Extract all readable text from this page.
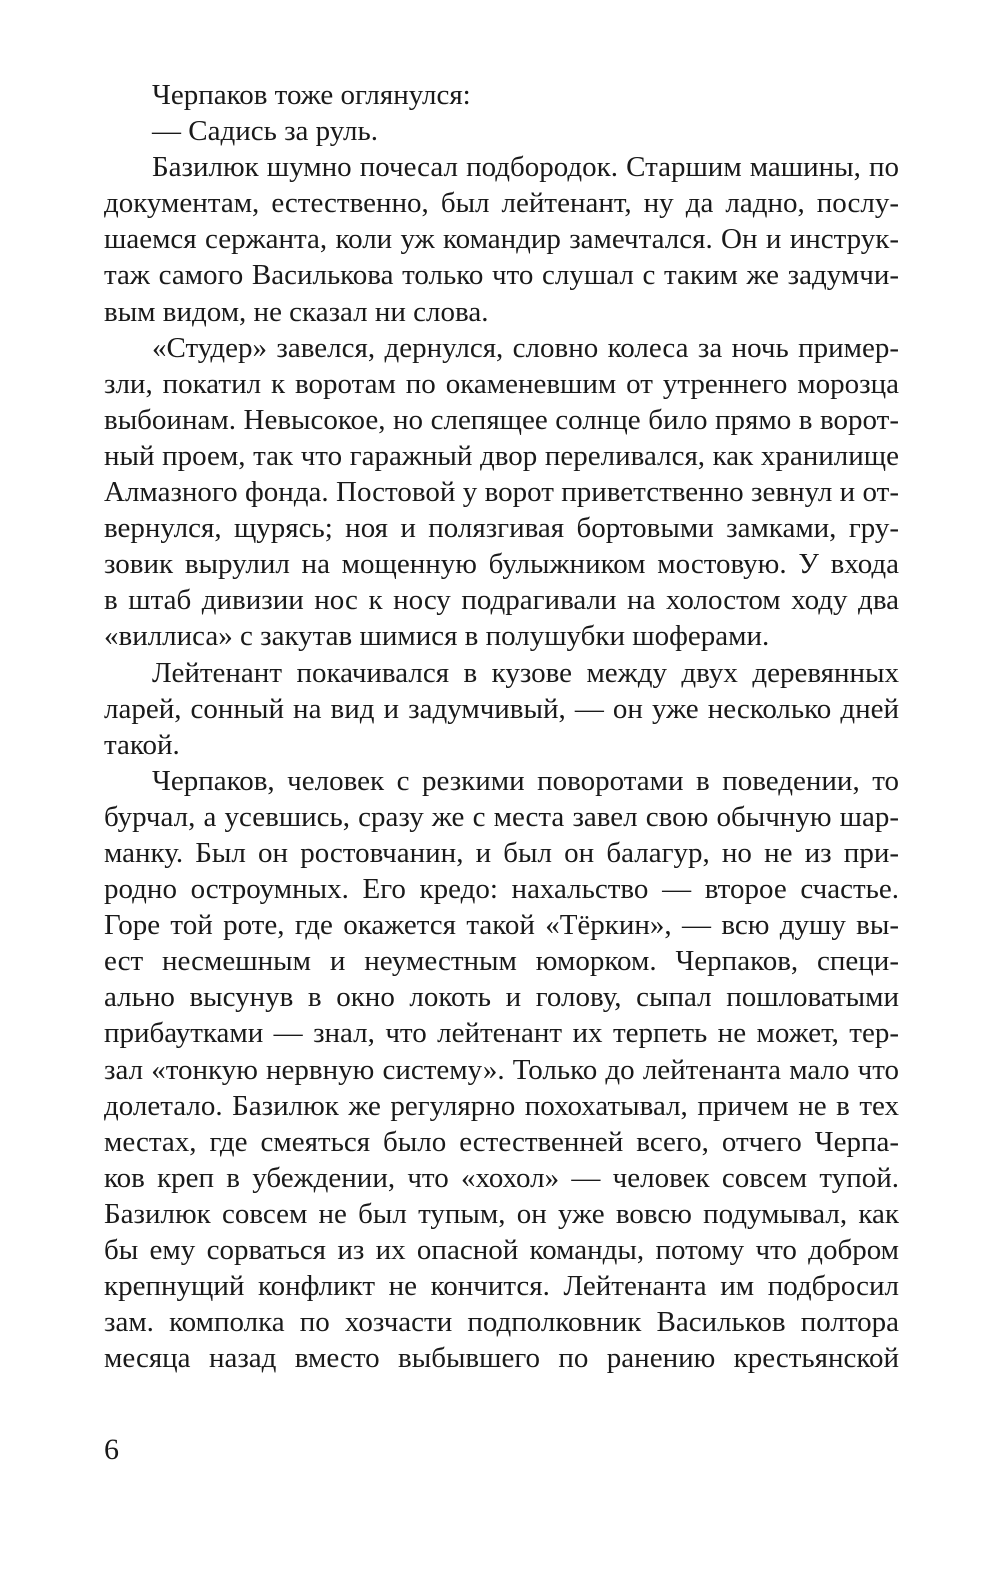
Черпаков тоже оглянулся:
— Садись за руль.
Базилюк шумно почесал подбородок. Старшим машины, по
документам, естественно, был лейтенант, ну да ладно, послу-
шаемся сержанта, коли уж командир замечтался. Он и инструк-
таж самого Василькова только что слушал с таким же задумчи-
вым видом, не сказал ни слова.
«Студер» завелся, дернулся, словно колеса за ночь пример-
зли, покатил к воротам по окаменевшим от утреннего морозца
выбоинам. Невысокое, но слепящее солнце било прямо в ворот-
ный проем, так что гаражный двор переливался, как хранилище
Алмазного фонда. Постовой у ворот приветственно зевнул и от-
вернулся, щурясь; ноя и полязгивая бортовыми замками, гру-
зовик вырулил на мощенную булыжником мостовую. У входа
в штаб дивизии нос к носу подрагивали на холостом ходу два
«виллиса» с закутав шимися в полушубки шоферами.
Лейтенант покачивался в кузове между двух деревянных
ларей, сонный на вид и задумчивый, — он уже несколько дней
такой.
Черпаков, человек с резкими поворотами в поведении, то
бурчал, а усевшись, сразу же с места завел свою обычную шар-
манку. Был он ростовчанин, и был он балагур, но не из при-
родно остроумных. Его кредо: нахальство — второе счастье.
Горе той роте, где окажется такой «Тёркин», — всю душу вы-
ест несмешным и неуместным юморком. Черпаков, специ-
ально высунув в окно локоть и голову, сыпал пошловатыми
прибаутками — знал, что лейтенант их терпеть не может, тер-
зал «тонкую нервную систему». Только до лейтенанта мало что
долетало. Базилюк же регулярно похохатывал, причем не в тех
местах, где смеяться было естественней всего, отчего Черпа-
ков креп в убеждении, что «хохол» — человек совсем тупой.
Базилюк совсем не был тупым, он уже вовсю подумывал, как
бы ему сорваться из их опасной команды, потому что добром
крепнущий конфликт не кончится. Лейтенанта им подбросил
зам. комполка по хозчасти подполковник Васильков полтора
месяца назад вместо выбывшего по ранению крестьянской
6
